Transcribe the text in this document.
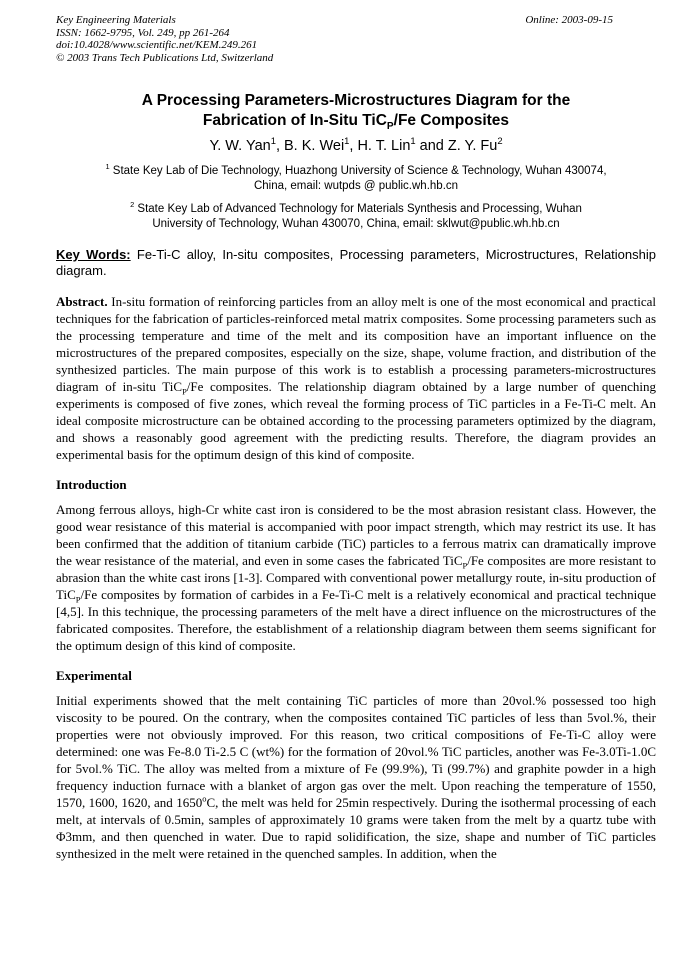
Key Engineering Materials
ISSN: 1662-9795, Vol. 249, pp 261-264
doi:10.4028/www.scientific.net/KEM.249.261
© 2003 Trans Tech Publications Ltd, Switzerland
Online: 2003-09-15
A Processing Parameters-Microstructures Diagram for the
Fabrication of In-Situ TiC$_P$/Fe Composites
Y. W. Yan$^1$, B. K. Wei$^1$, H. T. Lin$^1$ and Z. Y. Fu$^2$
$^1$ State Key Lab of Die Technology, Huazhong University of Science & Technology, Wuhan 430074,
China, email: wutpds @ public.wh.hb.cn
$^2$ State Key Lab of Advanced Technology for Materials Synthesis and Processing, Wuhan
University of Technology, Wuhan 430070, China, email: sklwut@public.wh.hb.cn

Key Words: Fe-Ti-C alloy, In-situ composites, Processing parameters, Microstructures, Relationship diagram.

Abstract. In-situ formation of reinforcing particles from an alloy melt is one of the most economical and practical techniques for the fabrication of particles-reinforced metal matrix composites. Some processing parameters such as the processing temperature and time of the melt and its composition have an important influence on the microstructures of the prepared composites, especially on the size, shape, volume fraction, and distribution of the synthesized particles. The main purpose of this work is to establish a processing parameters-microstructures diagram of in-situ TiC$_P$/Fe composites. The relationship diagram obtained by a large number of quenching experiments is composed of five zones, which reveal the forming process of TiC particles in a Fe-Ti-C melt. An ideal composite microstructure can be obtained according to the processing parameters optimized by the diagram, and shows a reasonably good agreement with the predicting results. Therefore, the diagram provides an experimental basis for the optimum design of this kind of composite.

Introduction

Among ferrous alloys, high-Cr white cast iron is considered to be the most abrasion resistant class. However, the good wear resistance of this material is accompanied with poor impact strength, which may restrict its use. It has been confirmed that the addition of titanium carbide (TiC) particles to a ferrous matrix can dramatically improve the wear resistance of the material, and even in some cases the fabricated TiC$_P$/Fe composites are more resistant to abrasion than the white cast irons [1-3]. Compared with conventional power metallurgy route, in-situ production of TiC$_P$/Fe composites by formation of carbides in a Fe-Ti-C melt is a relatively economical and practical technique [4,5]. In this technique, the processing parameters of the melt have a direct influence on the microstructures of the fabricated composites. Therefore, the establishment of a relationship diagram between them seems significant for the optimum design of this kind of composite.

Experimental

Initial experiments showed that the melt containing TiC particles of more than 20vol.% possessed too high viscosity to be poured. On the contrary, when the composites contained TiC particles of less than 5vol.%, their properties were not obviously improved. For this reason, two critical compositions of Fe-Ti-C alloy were determined: one was Fe-8.0 Ti-2.5 C (wt%) for the formation of 20vol.% TiC particles, another was Fe-3.0Ti-1.0C for 5vol.% TiC. The alloy was melted from a mixture of Fe (99.9%), Ti (99.7%) and graphite powder in a high frequency induction furnace with a blanket of argon gas over the melt. Upon reaching the temperature of 1550, 1570, 1600, 1620, and 1650$^o$C, the melt was held for 25min respectively. During the isothermal processing of each melt, at intervals of 0.5min, samples of approximately 10 grams were taken from the melt by a quartz tube with Φ3mm, and then quenched in water. Due to rapid solidification, the size, shape and number of TiC particles synthesized in the melt were retained in the quenched samples. In addition, when the
